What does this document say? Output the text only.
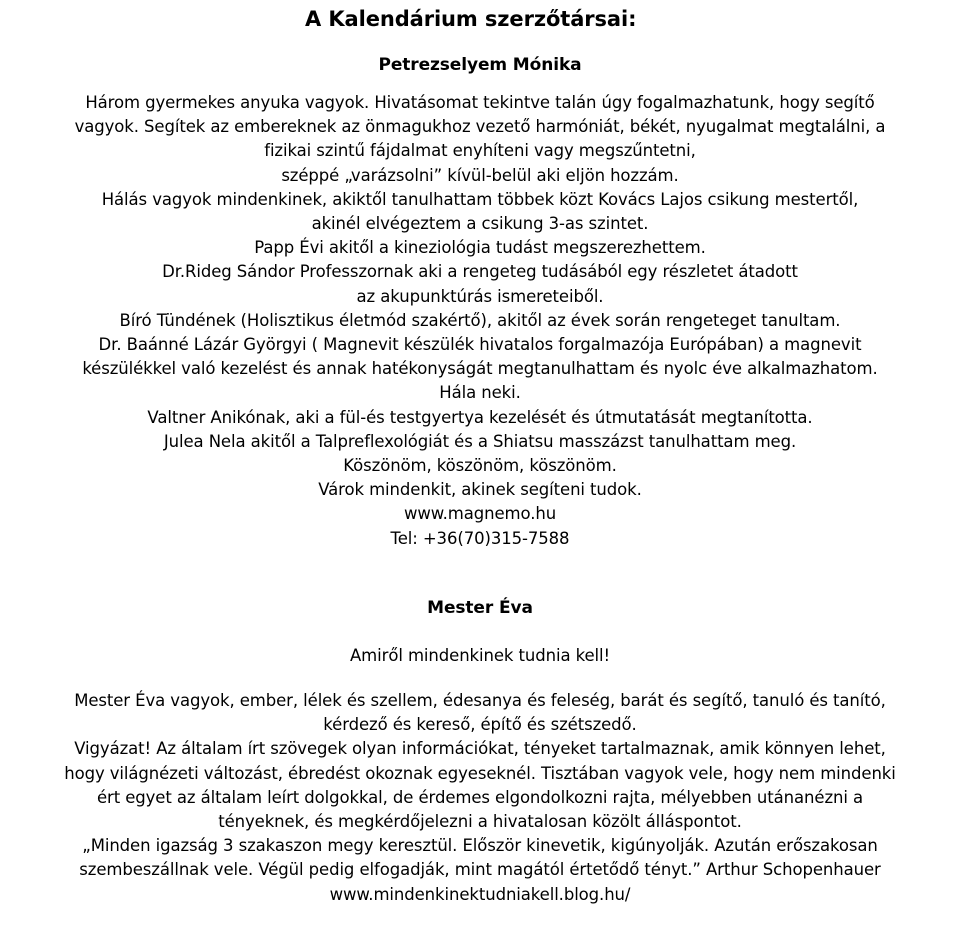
A Kalendárium szerzőtársai:
Petrezselyem Mónika
Három gyermekes anyuka vagyok. Hivatásomat tekintve talán úgy fogalmazhatunk, hogy segítő
vagyok. Segítek az embereknek az önmagukhoz vezető harmóniát, békét, nyugalmat megtalálni, a
fizikai szintű fájdalmat enyhíteni vagy megszűntetni,
széppé „varázsolni” kívül-belül aki eljön hozzám.
Hálás vagyok mindenkinek, akiktől tanulhattam többek közt Kovács Lajos csikung mestertől,
akinél elvégeztem a csikung 3-as szintet.
Papp Évi akitől a kineziológia tudást megszerezhettem.
Dr.Rideg Sándor Professzornak aki a rengeteg tudásából egy részletet átadott
az akupunktúrás ismereteiből.
Bíró Tündének (Holisztikus életmód szakértő), akitől az évek során rengeteget tanultam.
Dr. Baánné Lázár Györgyi ( Magnevit készülék hivatalos forgalmazója Európában) a magnevit
készülékkel való kezelést és annak hatékonyságát megtanulhattam és nyolc éve alkalmazhatom.
Hála neki.
Valtner Anikónak, aki a fül-és testgyertya kezelését és útmutatását megtanította.
Julea Nela akitől a Talpreflexológiát és a Shiatsu masszázst tanulhattam meg.
Köszönöm, köszönöm, köszönöm.
Várok mindenkit, akinek segíteni tudok.
www.magnemo.hu
Tel: +36(70)315-7588
Mester Éva
Amiről mindenkinek tudnia kell!
Mester Éva vagyok, ember, lélek és szellem, édesanya és feleség, barát és segítő, tanuló és tanító,
kérdező és kereső, építő és szétszedő.
Vigyázat! Az általam írt szövegek olyan információkat, tényeket tartalmaznak, amik könnyen lehet,
hogy világnézeti változást, ébredést okoznak egyeseknél. Tisztában vagyok vele, hogy nem mindenki
ért egyet az általam leírt dolgokkal, de érdemes elgondolkozni rajta, mélyebben utánanézni a
tényeknek, és megkérdőjelezni a hivatalosan közölt álláspontot.
„Minden igazság 3 szakaszon megy keresztül. Először kinevetik, kigúnyolják. Azután erőszakosan
szembeszállnak vele. Végül pedig elfogadják, mint magától értetődő tényt.” Arthur Schopenhauer
www.mindenkinektudniakell.blog.hu/
